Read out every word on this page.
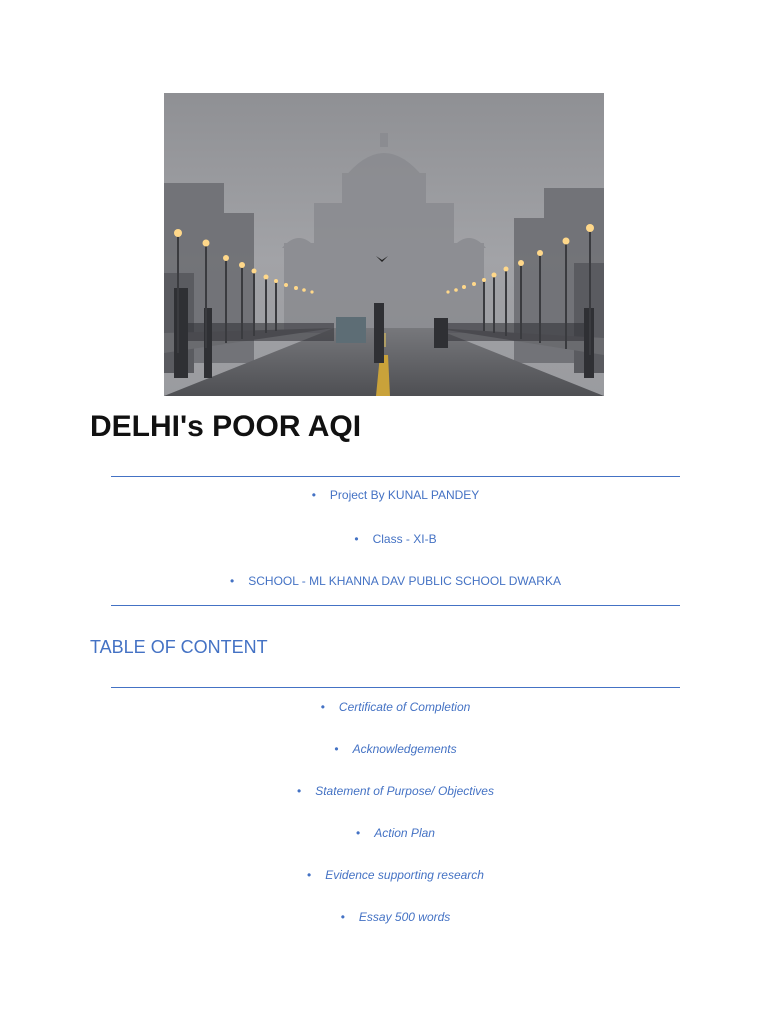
DELHI's POOR AQI
• Project By KUNAL PANDEY
• Class - XI-B
• SCHOOL - ML KHANNA DAV PUBLIC SCHOOL DWARKA
TABLE OF CONTENT
• Certificate of Completion
• Acknowledgements
• Statement of Purpose/ Objectives
• Action Plan
• Evidence supporting research
• Essay 500 words
